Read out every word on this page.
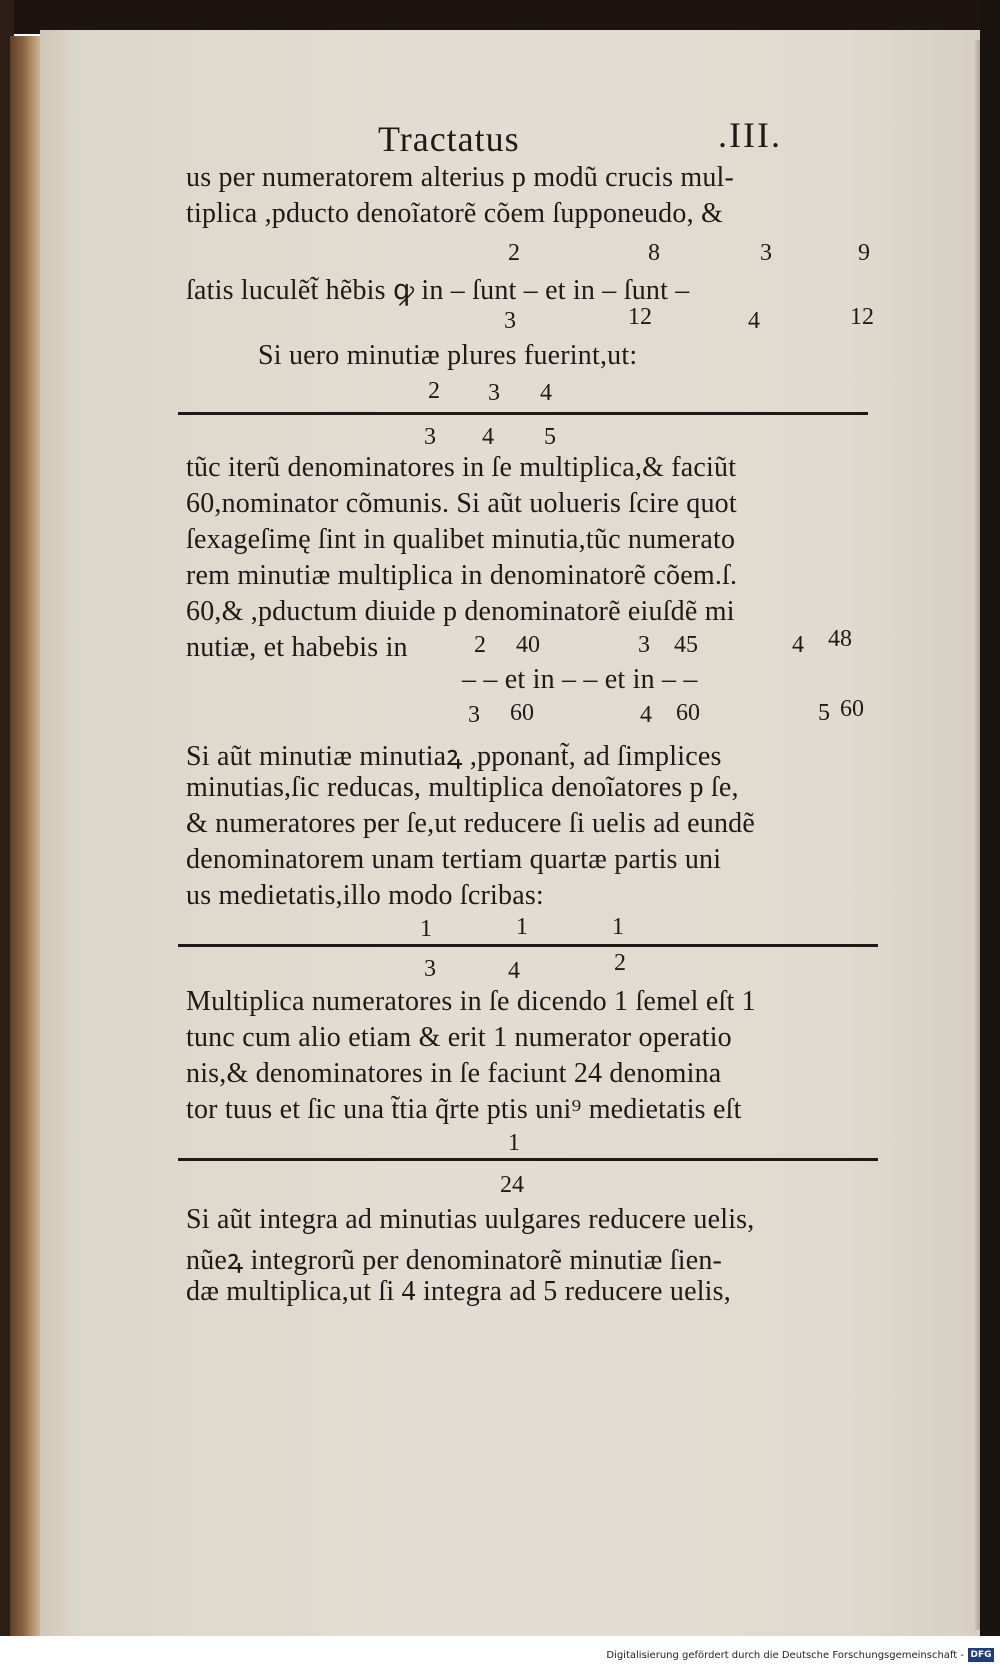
Tractatus	.III.
us per numeratorem alterius p modũ crucis mul-
tiplica ,pducto denoĩatorẽ cõem ſupponeudo, &
2	8	3	9
ſatis luculẽt̃ hẽbis ꝙ in ‒ ſunt ‒ et in ‒ ſunt ‒
3	12	4	12
Si uero minutiæ plures fuerint,ut:
2 3 4
3 4 5
tũc iterũ denominatores in ſe multiplica,& faciũt
60,nominator cõmunis. Si aũt uolueris ſcire quot
ſexageſimę ſint in qualibet minutia,tũc numerato
rem minutiæ multiplica in denominatorẽ cõem.ſ.
60,& ,pductum diuide p denominatorẽ eiuſdẽ mi
nutiæ, et habebis in	2 40	3 45	4 48
‒ ‒ et in ‒ ‒ et in ‒ ‒
3 60	4 60	5 60
Si aũt minutiæ minutiaꝝ ,pponant̃, ad ſimplices
minutias,ſic reducas, multiplica denoĩatores p ſe,
& numeratores per ſe,ut reducere ſi uelis ad eundẽ
denominatorem unam tertiam quartæ partis uni
us medietatis,illo modo ſcribas:
1	1	1
3	4	2
Multiplica numeratores in ſe dicendo 1 ſemel eſt 1
tunc cum alio etiam & erit 1 numerator operatio
nis,& denominatores in ſe faciunt 24 denomina
tor tuus et ſic una t̃tia q̃rte ptis uni⁹ medietatis eſt
1
24
Si aũt integra ad minutias uulgares reducere uelis,
nũeꝝ integrorũ per denominatorẽ minutiæ ſien-
dæ multiplica,ut ſi 4 integra ad 5 reducere uelis,
Digitalisierung gefördert durch die Deutsche Forschungsgemeinschaft - DFG
